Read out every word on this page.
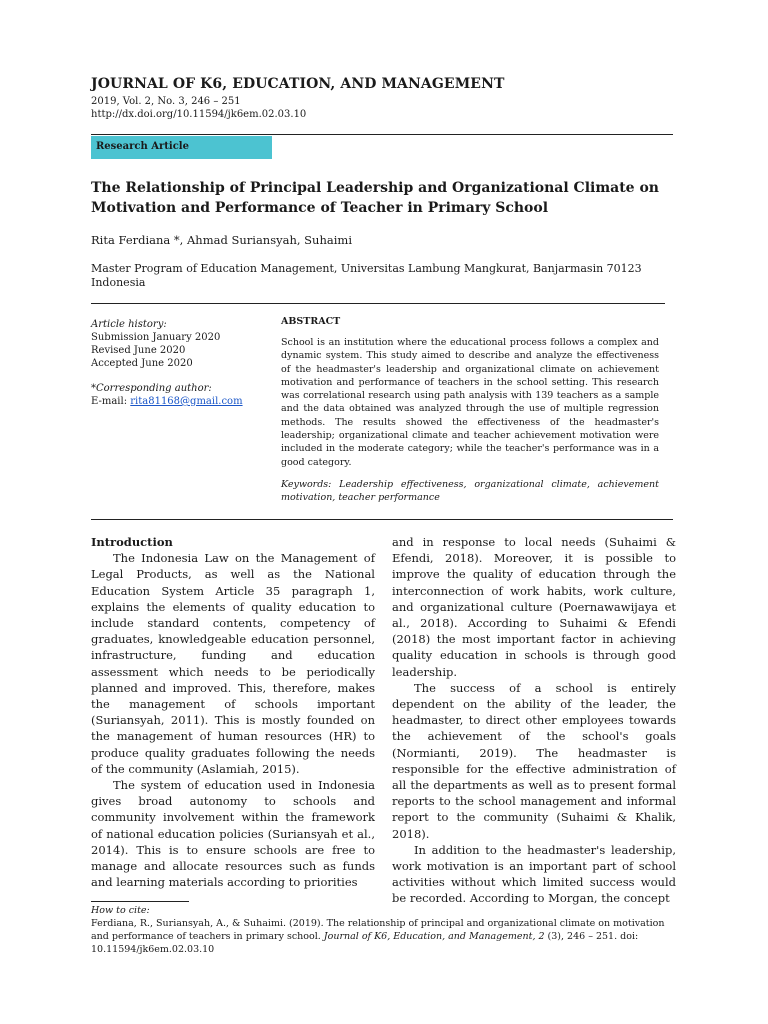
JOURNAL OF K6, EDUCATION, AND MANAGEMENT
2019, Vol. 2, No. 3, 246 – 251
http://dx.doi.org/10.11594/jk6em.02.03.10
Research Article
The Relationship of Principal Leadership and Organizational Climate on
Motivation and Performance of Teacher in Primary School
Rita Ferdiana *, Ahmad Suriansyah, Suhaimi
Master Program of Education Management, Universitas Lambung Mangkurat, Banjarmasin 70123
Indonesia
Article history:
Submission January 2020
Revised June 2020
Accepted June 2020
*Corresponding author:
E-mail: rita81168@gmail.com
ABSTRACT
School is an institution where the educational process follows a complex and dynamic system. This study aimed to describe and analyze the effectiveness of the headmaster's leadership and organizational climate on achievement motivation and performance of teachers in the school setting. This research was correlational research using path analysis with 139 teachers as a sample and the data obtained was analyzed through the use of multiple regression methods. The results showed the effectiveness of the headmaster's leadership; organizational climate and teacher achievement motivation were included in the moderate category; while the teacher's performance was in a good category.
Keywords: Leadership effectiveness, organizational climate, achievement motivation, teacher performance
Introduction

The Indonesia Law on the Management of Legal Products, as well as the National Education System Article 35 paragraph 1, explains the elements of quality education to include standard contents, competency of graduates, knowledgeable education personnel, infrastructure, funding and education assessment which needs to be periodically planned and improved. This, therefore, makes the management of schools important (Suriansyah, 2011). This is mostly founded on the management of human resources (HR) to produce quality graduates following the needs of the community (Aslamiah, 2015).

The system of education used in Indonesia gives broad autonomy to schools and community involvement within the framework of national education policies (Suriansyah et al., 2014). This is to ensure schools are free to manage and allocate resources such as funds and learning materials according to priorities

and in response to local needs (Suhaimi & Efendi, 2018). Moreover, it is possible to improve the quality of education through the interconnection of work habits, work culture, and organizational culture (Poernawawijaya et al., 2018). According to Suhaimi & Efendi (2018) the most important factor in achieving quality education in schools is through good leadership.

The success of a school is entirely dependent on the ability of the leader, the headmaster, to direct other employees towards the achievement of the school's goals (Normianti, 2019). The headmaster is responsible for the effective administration of all the departments as well as to present formal reports to the school management and informal report to the community (Suhaimi & Khalik, 2018).

In addition to the headmaster's leadership, work motivation is an important part of school activities without which limited success would be recorded. According to Morgan, the concept

How to cite:
Ferdiana, R., Suriansyah, A., & Suhaimi. (2019). The relationship of principal and organizational climate on motivation and performance of teachers in primary school. Journal of K6, Education, and Management, 2 (3), 246 – 251. doi:
10.11594/jk6em.02.03.10
